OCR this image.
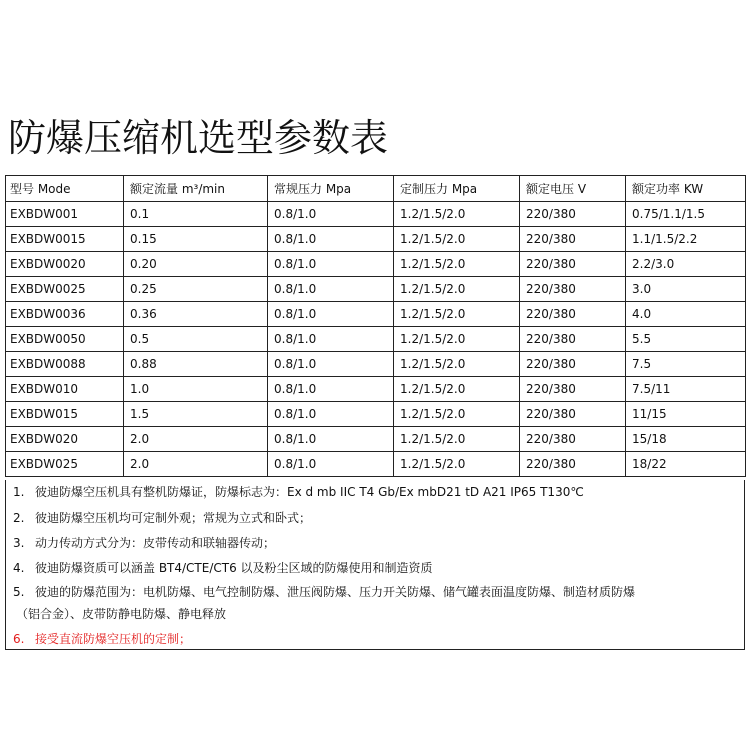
防爆压缩机选型参数表
型号 Mode	额定流量 m³/min	常规压力 Mpa	定制压力 Mpa	额定电压 V	额定功率 KW
EXBDW001	0.1	0.8/1.0	1.2/1.5/2.0	220/380	0.75/1.1/1.5
EXBDW0015	0.15	0.8/1.0	1.2/1.5/2.0	220/380	1.1/1.5/2.2
EXBDW0020	0.20	0.8/1.0	1.2/1.5/2.0	220/380	2.2/3.0
EXBDW0025	0.25	0.8/1.0	1.2/1.5/2.0	220/380	3.0
EXBDW0036	0.36	0.8/1.0	1.2/1.5/2.0	220/380	4.0
EXBDW0050	0.5	0.8/1.0	1.2/1.5/2.0	220/380	5.5
EXBDW0088	0.88	0.8/1.0	1.2/1.5/2.0	220/380	7.5
EXBDW010	1.0	0.8/1.0	1.2/1.5/2.0	220/380	7.5/11
EXBDW015	1.5	0.8/1.0	1.2/1.5/2.0	220/380	11/15
EXBDW020	2.0	0.8/1.0	1.2/1.5/2.0	220/380	15/18
EXBDW025	2.0	0.8/1.0	1.2/1.5/2.0	220/380	18/22
1. 彼迪防爆空压机具有整机防爆证，防爆标志为：Ex d mb IIC T4 Gb/Ex mbD21 tD A21 IP65 T130℃
2. 彼迪防爆空压机均可定制外观；常规为立式和卧式；
3. 动力传动方式分为：皮带传动和联轴器传动；
4. 彼迪防爆资质可以涵盖 BT4/CTE/CT6 以及粉尘区域的防爆使用和制造资质
5. 彼迪的防爆范围为：电机防爆、电气控制防爆、泄压阀防爆、压力开关防爆、储气罐表面温度防爆、制造材质防爆
（铝合金）、皮带防静电防爆、静电释放
6. 接受直流防爆空压机的定制；
